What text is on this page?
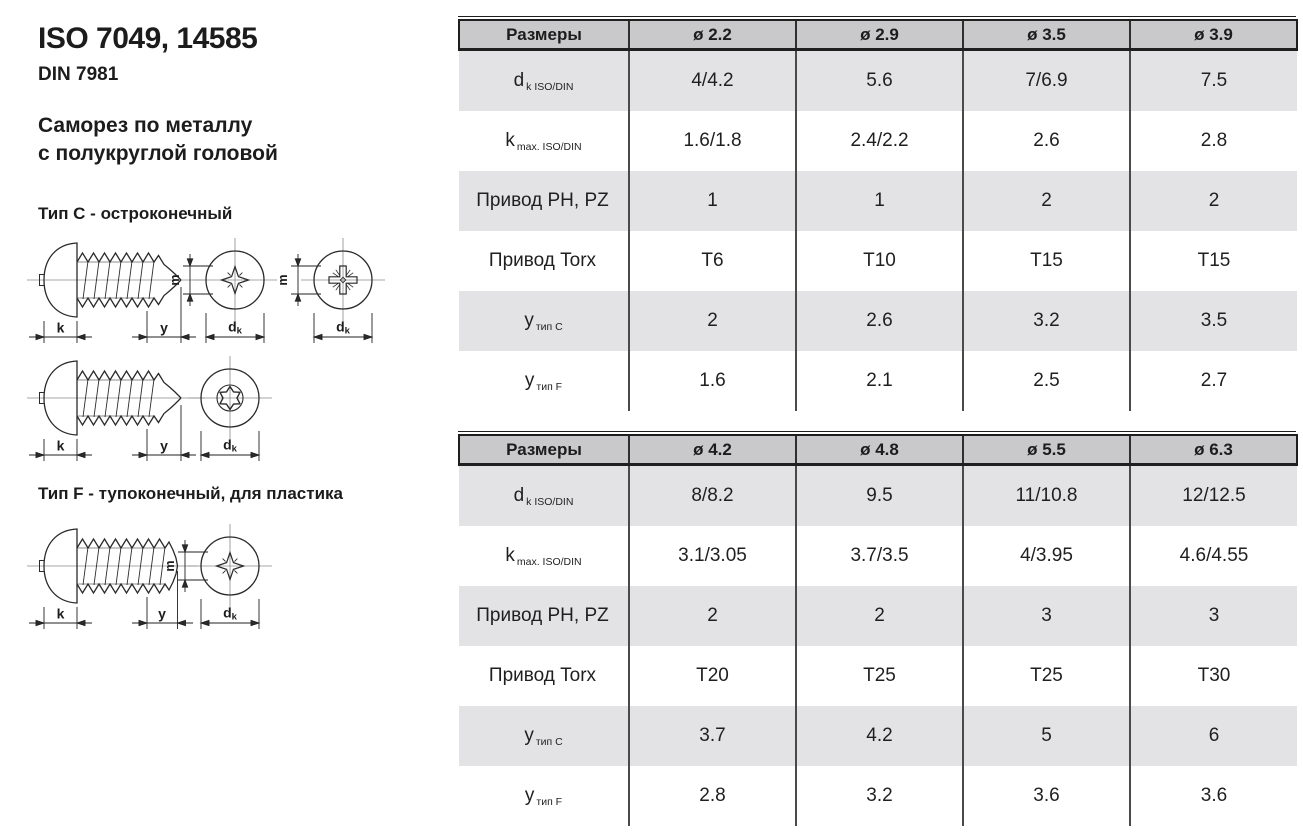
ISO 7049, 14585
DIN 7981
Саморез по металлу
с полукруглой головой
Тип C - остроконечный
Тип F - тупоконечный, для пластика
k	y
m
dk
m
dk
k	y	dk
k	y
m
dk
Размеры	ø 2.2	ø 2.9	ø 3.5	ø 3.9
d $_{k ISO/DIN}$	4/4.2	5.6	7/6.9	7.5
k $_{max. ISO/DIN}$	1.6/1.8	2.4/2.2	2.6	2.8
Привод PH, PZ	1	1	2	2
Привод Torx	T6	T10	T15	T15
у $_{тип C}$	2	2.6	3.2	3.5
у $_{тип F}$	1.6	2.1	2.5	2.7
Размеры	ø 4.2	ø 4.8	ø 5.5	ø 6.3
d $_{k ISO/DIN}$	8/8.2	9.5	11/10.8	12/12.5
k $_{max. ISO/DIN}$	3.1/3.05	3.7/3.5	4/3.95	4.6/4.55
Привод PH, PZ	2	2	3	3
Привод Torx	T20	T25	T25	T30
у $_{тип C}$	3.7	4.2	5	6
у $_{тип F}$	2.8	3.2	3.6	3.6
